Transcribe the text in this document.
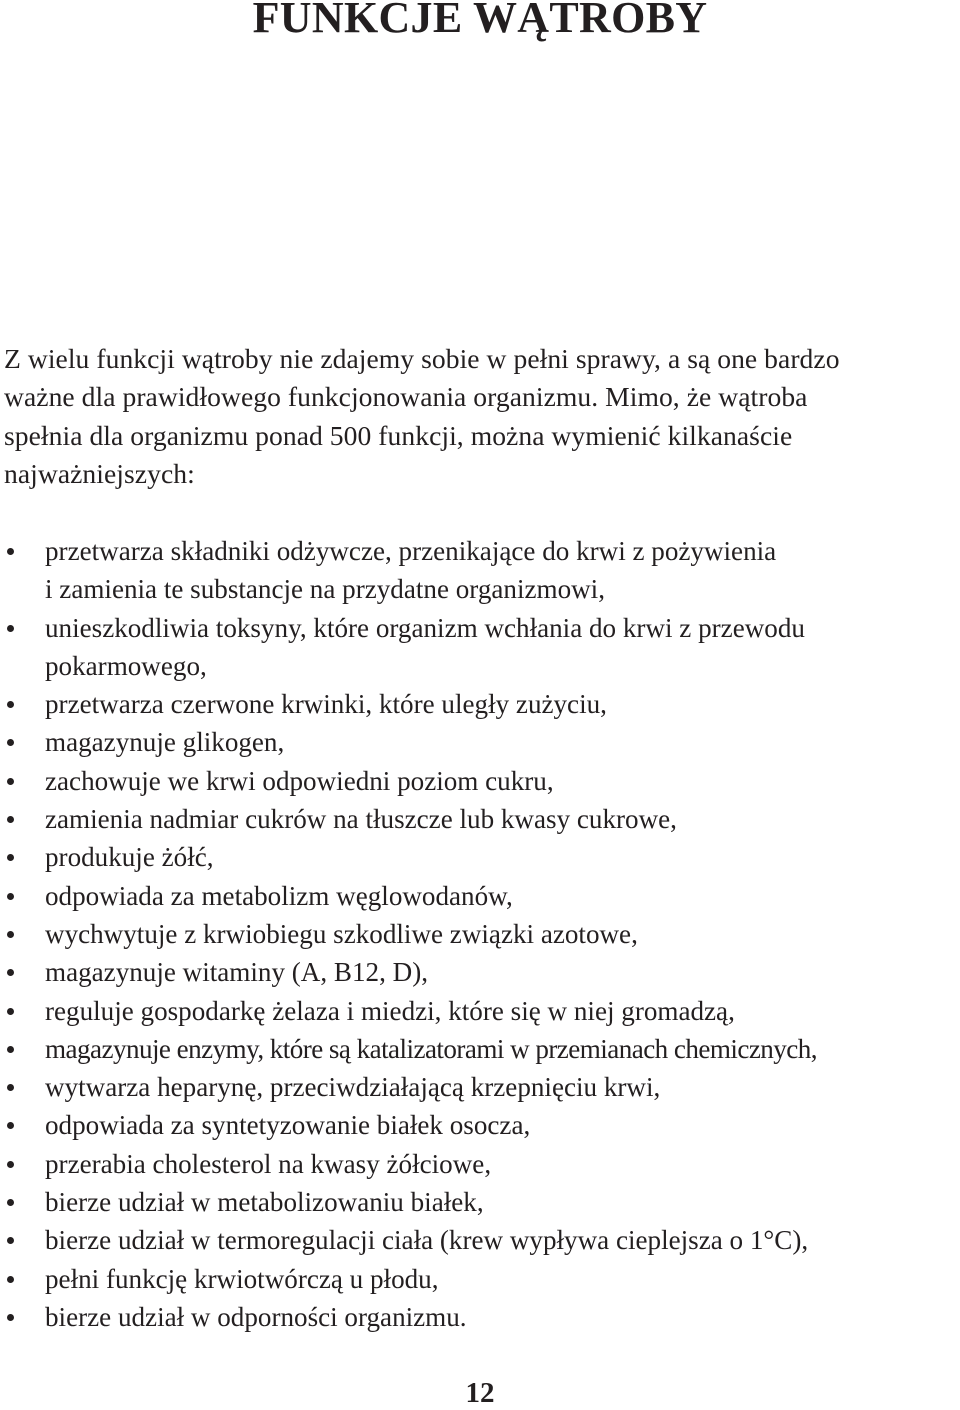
FUNKCJE WĄTROBY

Z wielu funkcji wątroby nie zdajemy sobie w pełni sprawy, a są one bardzo
ważne dla prawidłowego funkcjonowania organizmu. Mimo, że wątroba
spełnia dla organizmu ponad 500 funkcji, można wymienić kilkanaście
najważniejszych:

przetwarza składniki odżywcze, przenikające do krwi z pożywienia
i zamienia te substancje na przydatne organizmowi,
unieszkodliwia toksyny, które organizm wchłania do krwi z przewodu
pokarmowego,
przetwarza czerwone krwinki, które uległy zużyciu,
magazynuje glikogen,
zachowuje we krwi odpowiedni poziom cukru,
zamienia nadmiar cukrów na tłuszcze lub kwasy cukrowe,
produkuje żółć,
odpowiada za metabolizm węglowodanów,
wychwytuje z krwiobiegu szkodliwe związki azotowe,
magazynuje witaminy (A, B12, D),
reguluje gospodarkę żelaza i miedzi, które się w niej gromadzą,
magazynuje enzymy, które są katalizatorami w przemianach chemicznych,
wytwarza heparynę, przeciwdziałającą krzepnięciu krwi,
odpowiada za syntetyzowanie białek osocza,
przerabia cholesterol na kwasy żółciowe,
bierze udział w metabolizowaniu białek,
bierze udział w termoregulacji ciała (krew wypływa cieplejsza o 1°C),
pełni funkcję krwiotwórczą u płodu,
bierze udział w odporności organizmu.
12
